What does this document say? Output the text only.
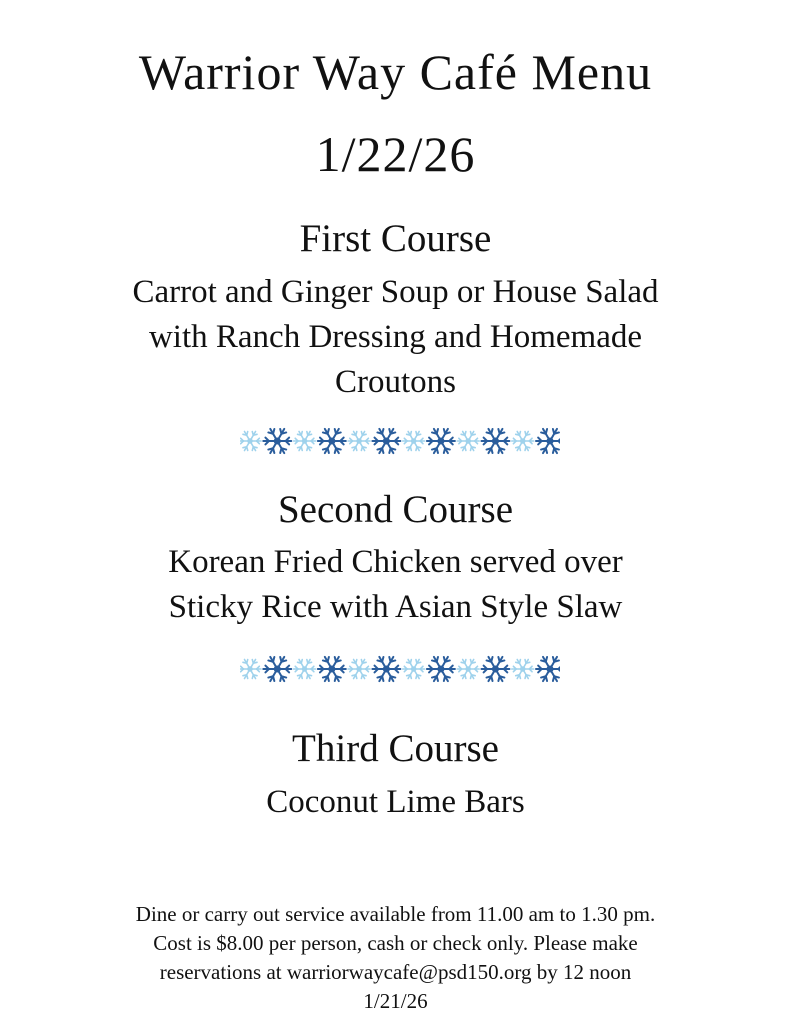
Warrior Way Café Menu
1/22/26
First Course
Carrot and Ginger Soup or House Salad
with Ranch Dressing and Homemade
Croutons
Second Course
Korean Fried Chicken served over
Sticky Rice with Asian Style Slaw
Third Course
Coconut Lime Bars
Dine or carry out service available from 11.00 am to 1.30 pm.
Cost is $8.00 per person, cash or check only. Please make
reservations at warriorwaycafe@psd150.org by 12 noon
1/21/26
